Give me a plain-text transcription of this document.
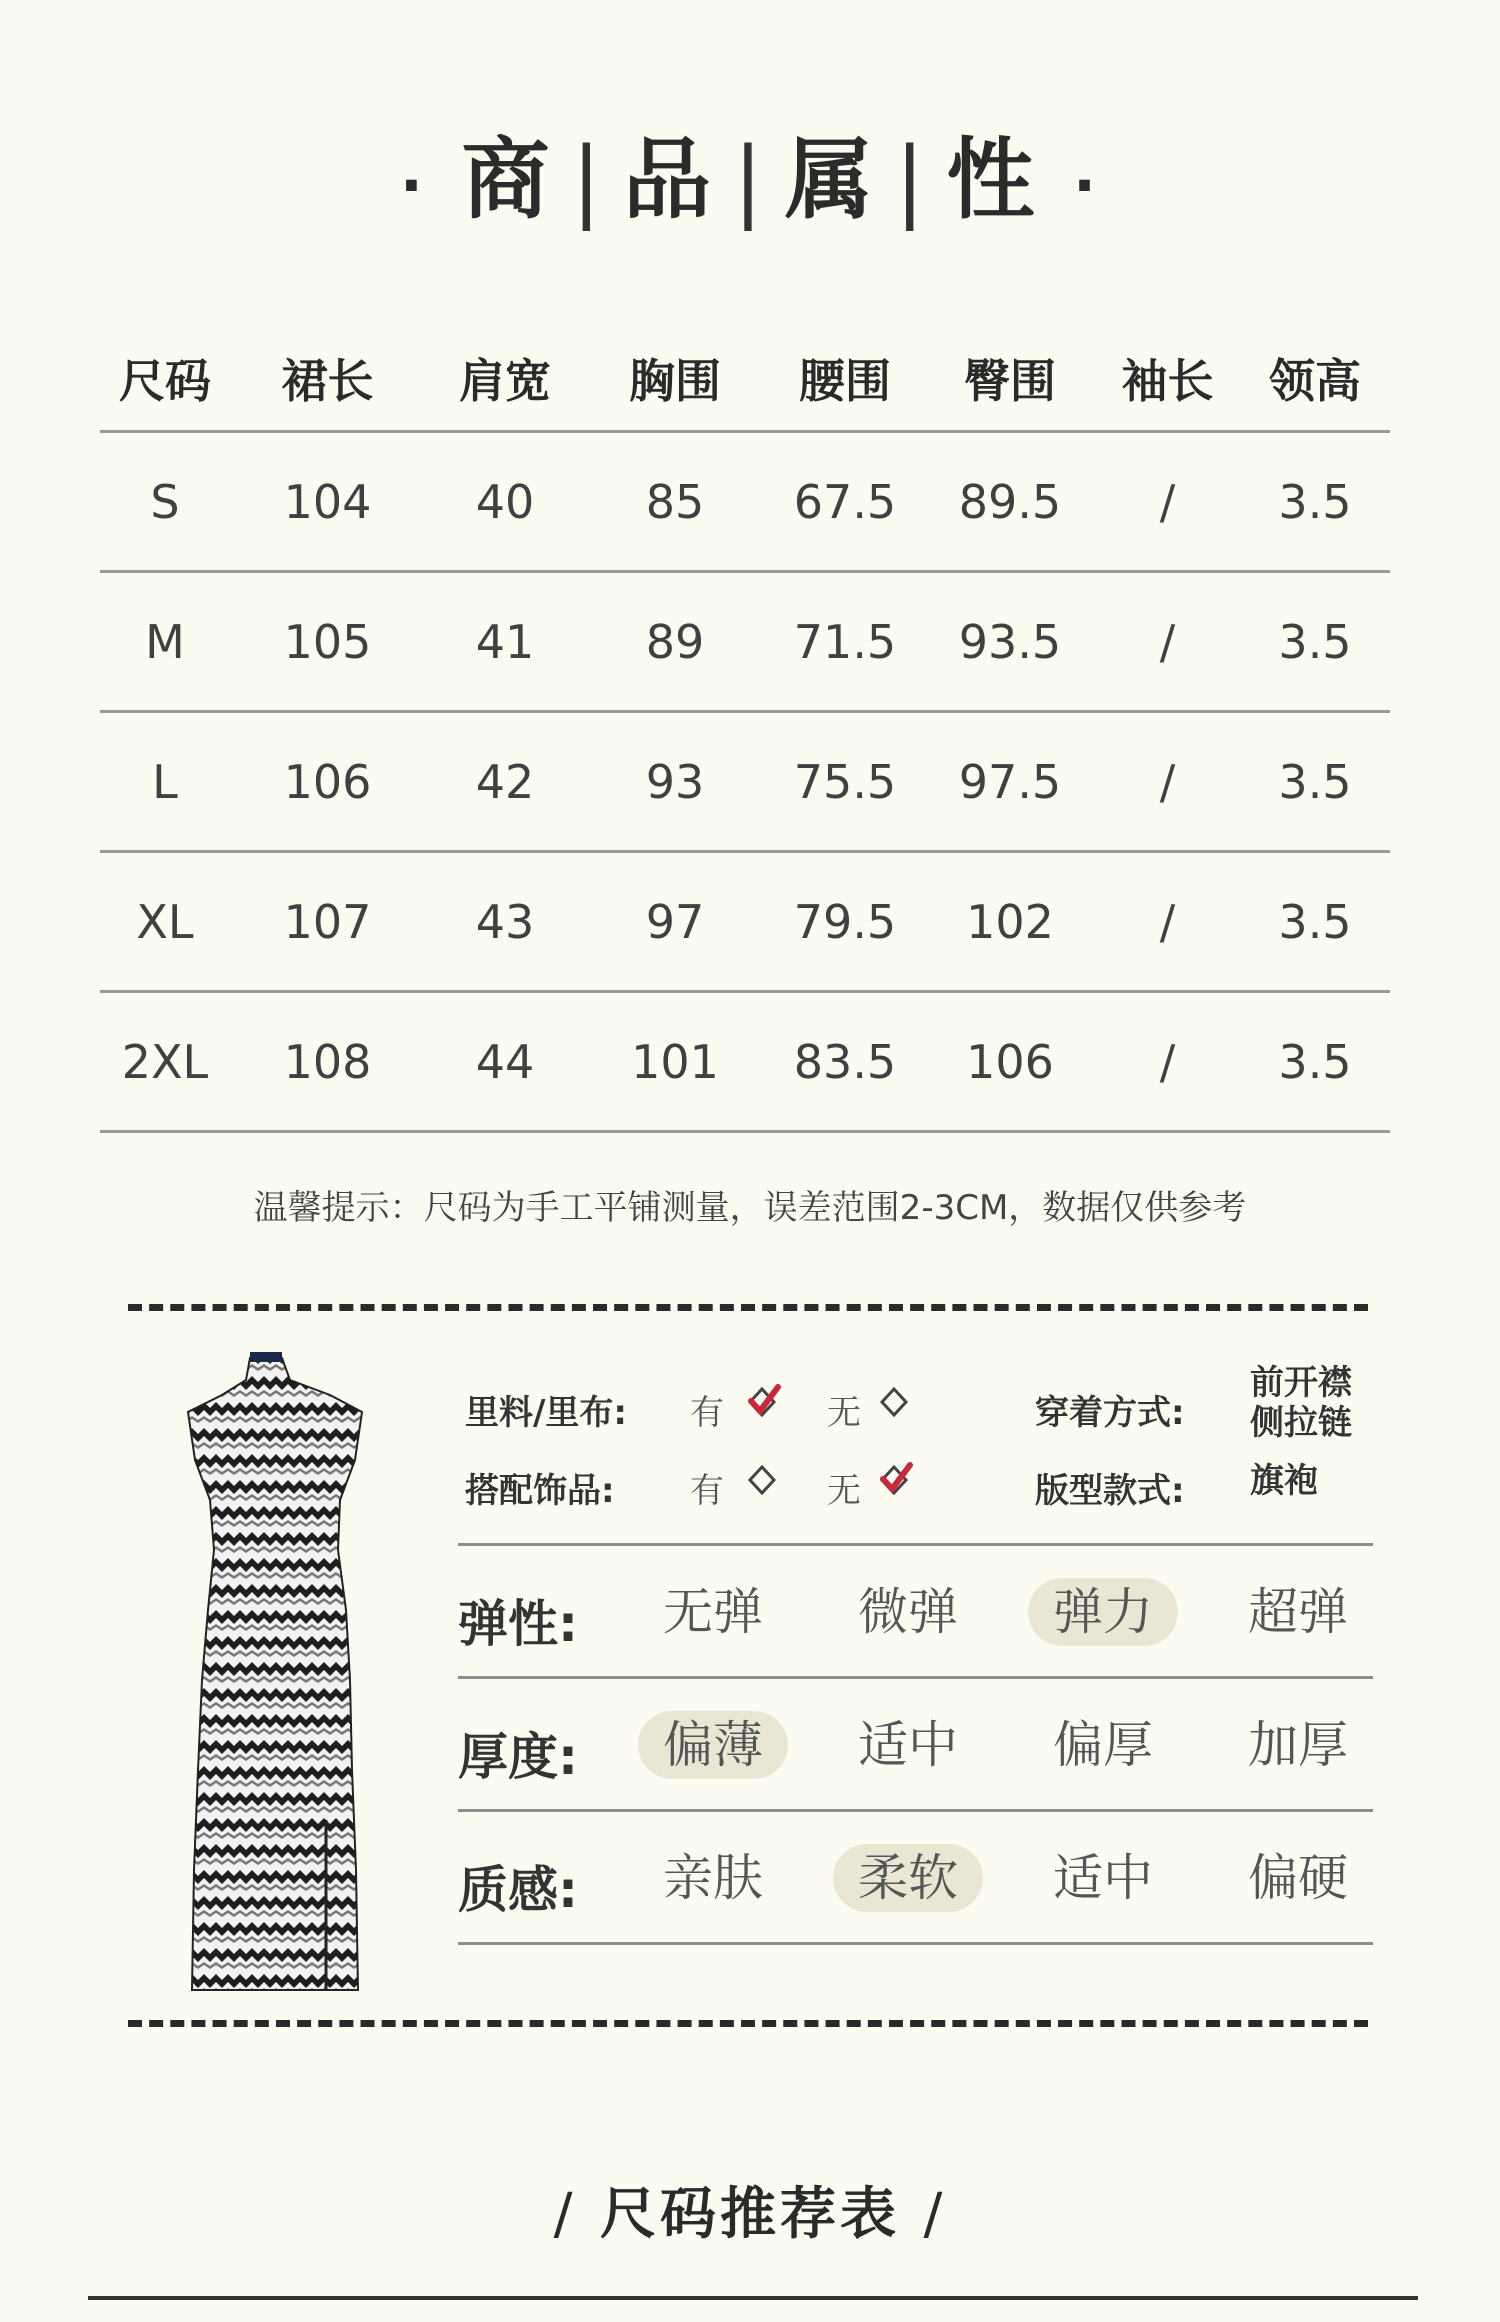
· 商 | 品 | 属 | 性 ·
尺码	裙长	肩宽	胸围	腰围	臀围	袖长	领高
S	104	40	85	67.5	89.5	/	3.5
M	105	41	89	71.5	93.5	/	3.5
L	106	42	93	75.5	97.5	/	3.5
XL	107	43	97	79.5	102	/	3.5
2XL	108	44	101	83.5	106	/	3.5
温馨提示：尺码为手工平铺测量，误差范围2-3CM，数据仅供参考
里料/里布: 有	无
搭配饰品: 有	无
穿着方式:
前开襟
侧拉链
版型款式: 旗袍
弹性:	无弹	微弹	弹力	超弹
厚度:	偏薄	适中	偏厚	加厚
质感:	亲肤	柔软	适中	偏硬
/ 尺码推荐表 /
